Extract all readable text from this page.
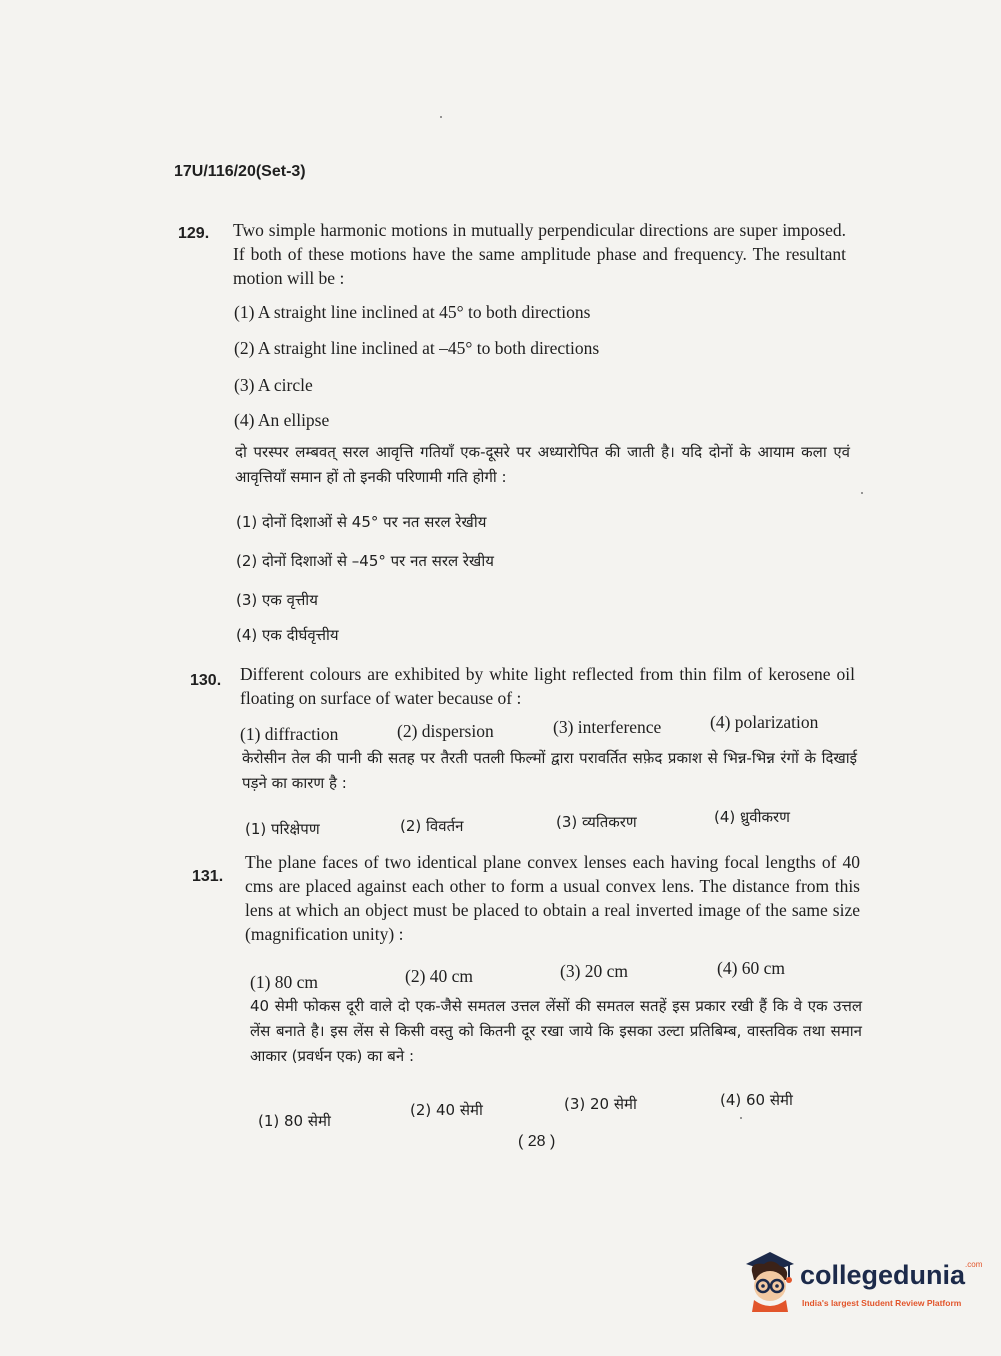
17U/116/20(Set-3)
129. Two simple harmonic motions in mutually perpendicular directions are super imposed. If both of these motions have the same amplitude phase and frequency. The resultant motion will be :
(1) A straight line inclined at 45° to both directions
(2) A straight line inclined at –45° to both directions
(3) A circle
(4) An ellipse
दो परस्पर लम्बवत् सरल आवृत्ति गतियाँ एक-दूसरे पर अध्यारोपित की जाती है। यदि दोनों के आयाम कला एवं आवृत्तियाँ समान हों तो इनकी परिणामी गति होगी :
(1) दोनों दिशाओं से 45° पर नत सरल रेखीय
(2) दोनों दिशाओं से –45° पर नत सरल रेखीय
(3) एक वृत्तीय
(4) एक दीर्घवृत्तीय
130. Different colours are exhibited by white light reflected from thin film of kerosene oil floating on surface of water because of :
(1) diffraction	(2) dispersion	(3) interference	(4) polarization
केरोसीन तेल की पानी की सतह पर तैरती पतली फिल्मों द्वारा परावर्तित सफ़ेद प्रकाश से भिन्न-भिन्न रंगों के दिखाई पड़ने का कारण है :
(1) परिक्षेपण	(2) विवर्तन	(3) व्यतिकरण	(4) ध्रुवीकरण
131.
The plane faces of two identical plane convex lenses each having focal lengths of 40 cms are placed against each other to form a usual convex lens. The distance from this lens at which an object must be placed to obtain a real inverted image of the same size (magnification unity) :
(1) 80 cm	(2) 40 cm	(3) 20 cm	(4) 60 cm
40 सेमी फोकस दूरी वाले दो एक-जैसे समतल उत्तल लेंसों की समतल सतहें इस प्रकार रखी हैं कि वे एक उत्तल लेंस बनाते है। इस लेंस से किसी वस्तु को कितनी दूर रखा जाये कि इसका उल्टा प्रतिबिम्ब, वास्तविक तथा समान आकार (प्रवर्धन एक) का बने :
(1) 80 सेमी
(2) 40 सेमी	(3) 20 सेमी	(4) 60 सेमी
( 28 )
collegedunia$^{.com}$
India's largest Student Review Platform
